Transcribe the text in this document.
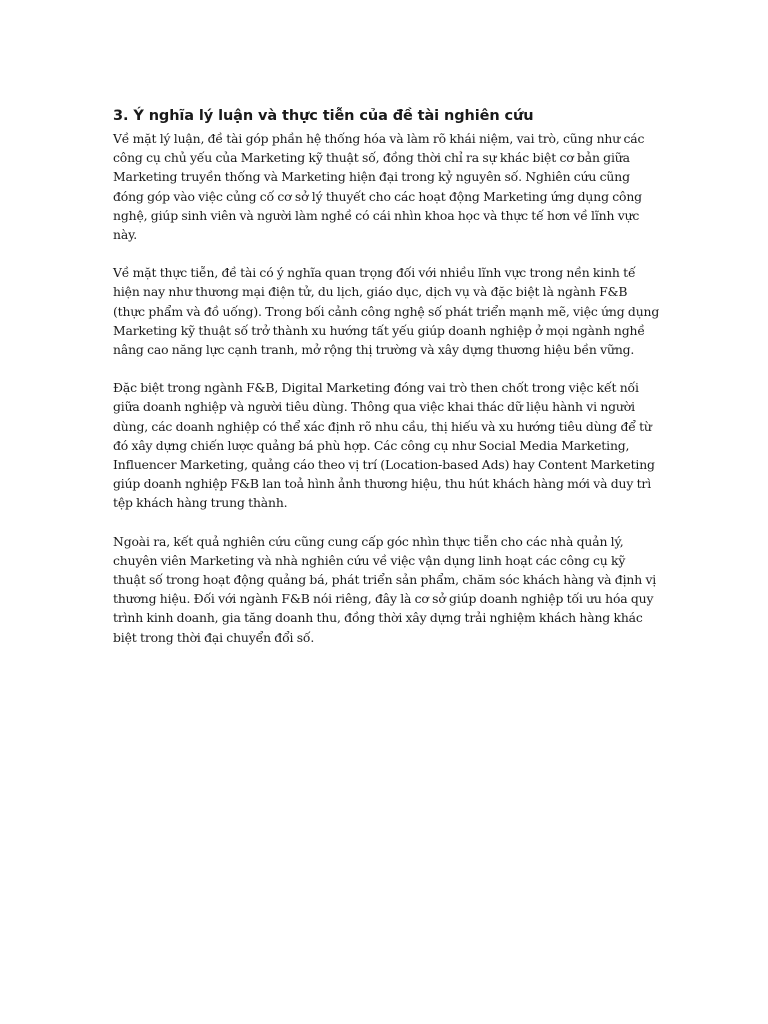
3. Ý nghĩa lý luận và thực tiễn của đề tài nghiên cứu

Về mặt lý luận, đề tài góp phần hệ thống hóa và làm rõ khái niệm, vai trò, cũng như các công cụ chủ yếu của Marketing kỹ thuật số, đồng thời chỉ ra sự khác biệt cơ bản giữa Marketing truyền thống và Marketing hiện đại trong kỷ nguyên số. Nghiên cứu cũng đóng góp vào việc củng cố cơ sở lý thuyết cho các hoạt động Marketing ứng dụng công nghệ, giúp sinh viên và người làm nghề có cái nhìn khoa học và thực tế hơn về lĩnh vực này.

Về mặt thực tiễn, đề tài có ý nghĩa quan trọng đối với nhiều lĩnh vực trong nền kinh tế hiện nay như thương mại điện tử, du lịch, giáo dục, dịch vụ và đặc biệt là ngành F&B (thực phẩm và đồ uống). Trong bối cảnh công nghệ số phát triển mạnh mẽ, việc ứng dụng Marketing kỹ thuật số trở thành xu hướng tất yếu giúp doanh nghiệp ở mọi ngành nghề nâng cao năng lực cạnh tranh, mở rộng thị trường và xây dựng thương hiệu bền vững.

Đặc biệt trong ngành F&B, Digital Marketing đóng vai trò then chốt trong việc kết nối giữa doanh nghiệp và người tiêu dùng. Thông qua việc khai thác dữ liệu hành vi người dùng, các doanh nghiệp có thể xác định rõ nhu cầu, thị hiếu và xu hướng tiêu dùng để từ đó xây dựng chiến lược quảng bá phù hợp. Các công cụ như Social Media Marketing, Influencer Marketing, quảng cáo theo vị trí (Location-based Ads) hay Content Marketing giúp doanh nghiệp F&B lan toả hình ảnh thương hiệu, thu hút khách hàng mới và duy trì tệp khách hàng trung thành.

Ngoài ra, kết quả nghiên cứu cũng cung cấp góc nhìn thực tiễn cho các nhà quản lý, chuyên viên Marketing và nhà nghiên cứu về việc vận dụng linh hoạt các công cụ kỹ thuật số trong hoạt động quảng bá, phát triển sản phẩm, chăm sóc khách hàng và định vị thương hiệu. Đối với ngành F&B nói riêng, đây là cơ sở giúp doanh nghiệp tối ưu hóa quy trình kinh doanh, gia tăng doanh thu, đồng thời xây dựng trải nghiệm khách hàng khác biệt trong thời đại chuyển đổi số.
